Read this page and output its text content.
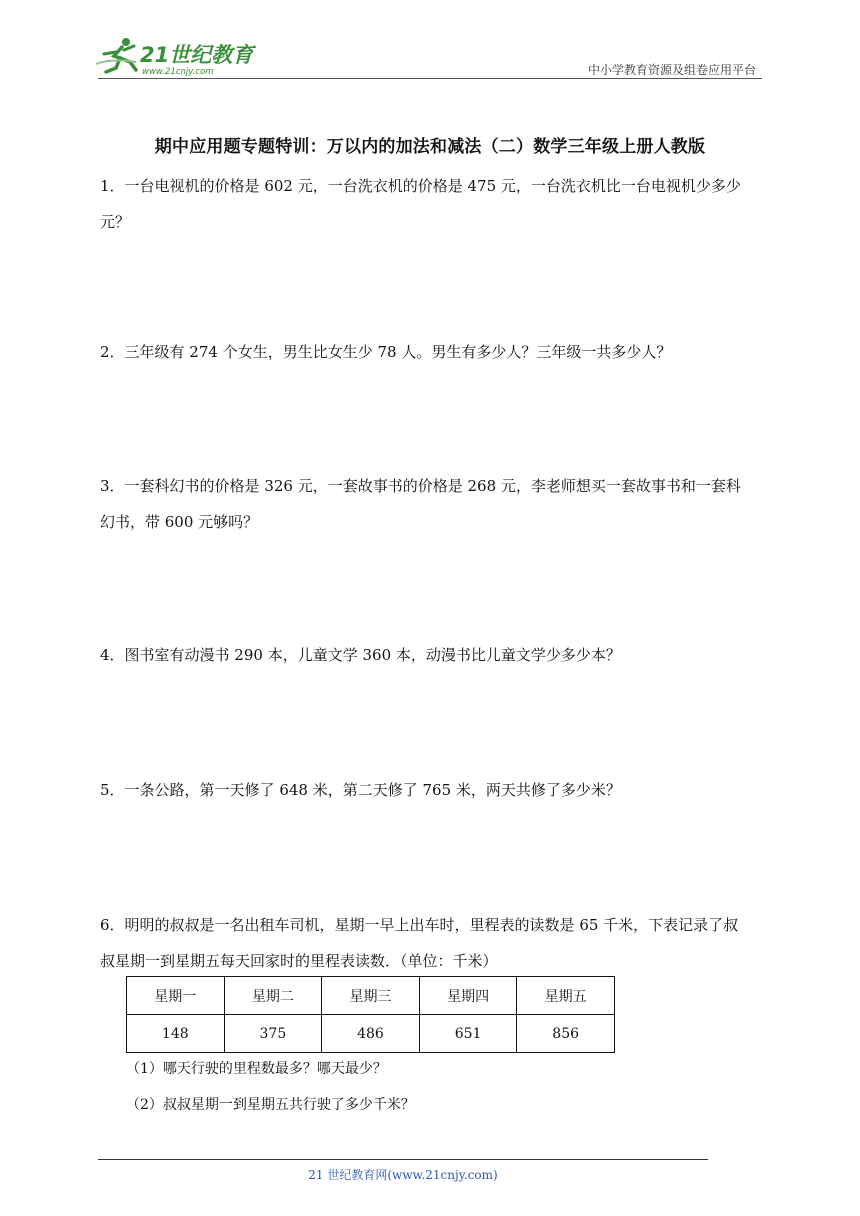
21世纪教育
www.21cnjy.com	中小学教育资源及组卷应用平台
期中应用题专题特训：万以内的加法和减法（二）数学三年级上册人教版
1．一台电视机的价格是 602 元，一台洗衣机的价格是 475 元，一台洗衣机比一台电视机少多少
元？
2．三年级有 274 个女生，男生比女生少 78 人。男生有多少人？三年级一共多少人？
3．一套科幻书的价格是 326 元，一套故事书的价格是 268 元，李老师想买一套故事书和一套科
幻书，带 600 元够吗？
4．图书室有动漫书 290 本，儿童文学 360 本，动漫书比儿童文学少多少本？
5．一条公路，第一天修了 648 米，第二天修了 765 米，两天共修了多少米？
6．明明的叔叔是一名出租车司机，星期一早上出车时，里程表的读数是 65 千米，下表记录了叔
叔星期一到星期五每天回家时的里程表读数．（单位：千米）
星期一	星期二	星期三	星期四	星期五
148	375	486	651	856
（1）哪天行驶的里程数最多？哪天最少？
（2）叔叔星期一到星期五共行驶了多少千米？
21 世纪教育网(www.21cnjy.com)
